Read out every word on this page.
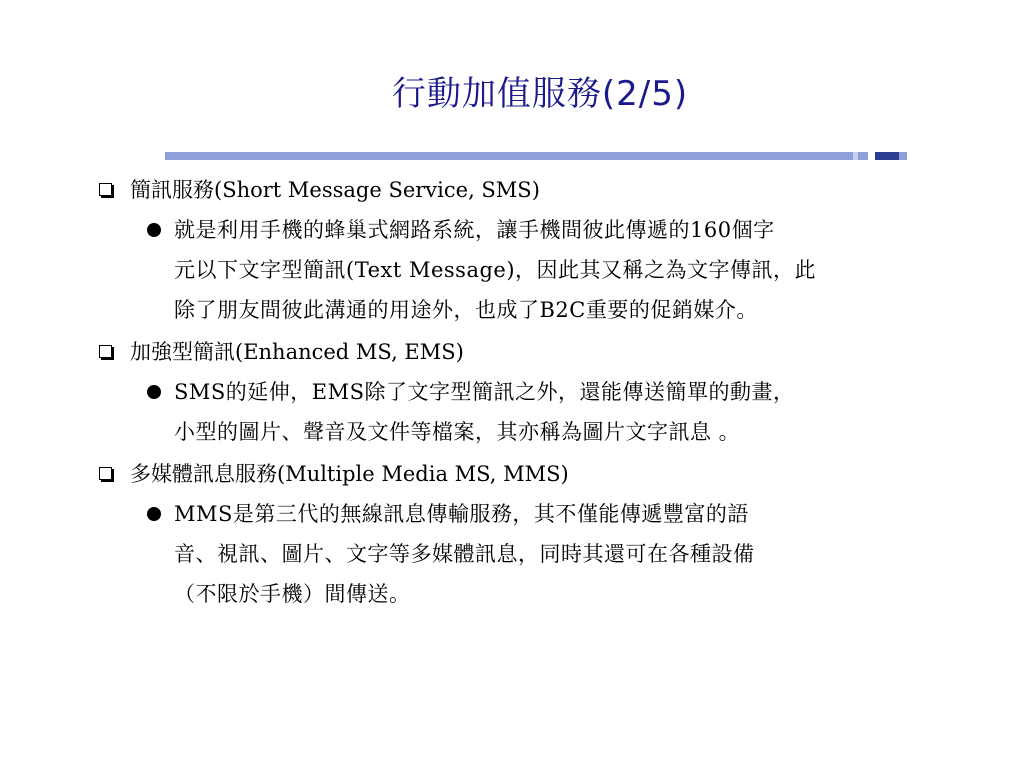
行動加值服務(2/5)
簡訊服務(Short Message Service, SMS)
就是利用手機的蜂巢式網路系統，讓手機間彼此傳遞的160個字
元以下文字型簡訊(Text Message)，因此其又稱之為文字傳訊，此
除了朋友間彼此溝通的用途外，也成了B2C重要的促銷媒介。
加強型簡訊(Enhanced MS, EMS)
SMS的延伸，EMS除了文字型簡訊之外，還能傳送簡單的動畫，
小型的圖片、聲音及文件等檔案，其亦稱為圖片文字訊息 。
多媒體訊息服務(Multiple Media MS, MMS)
MMS是第三代的無線訊息傳輸服務，其不僅能傳遞豐富的語
音、視訊、圖片、文字等多媒體訊息，同時其還可在各種設備
（不限於手機）間傳送。
